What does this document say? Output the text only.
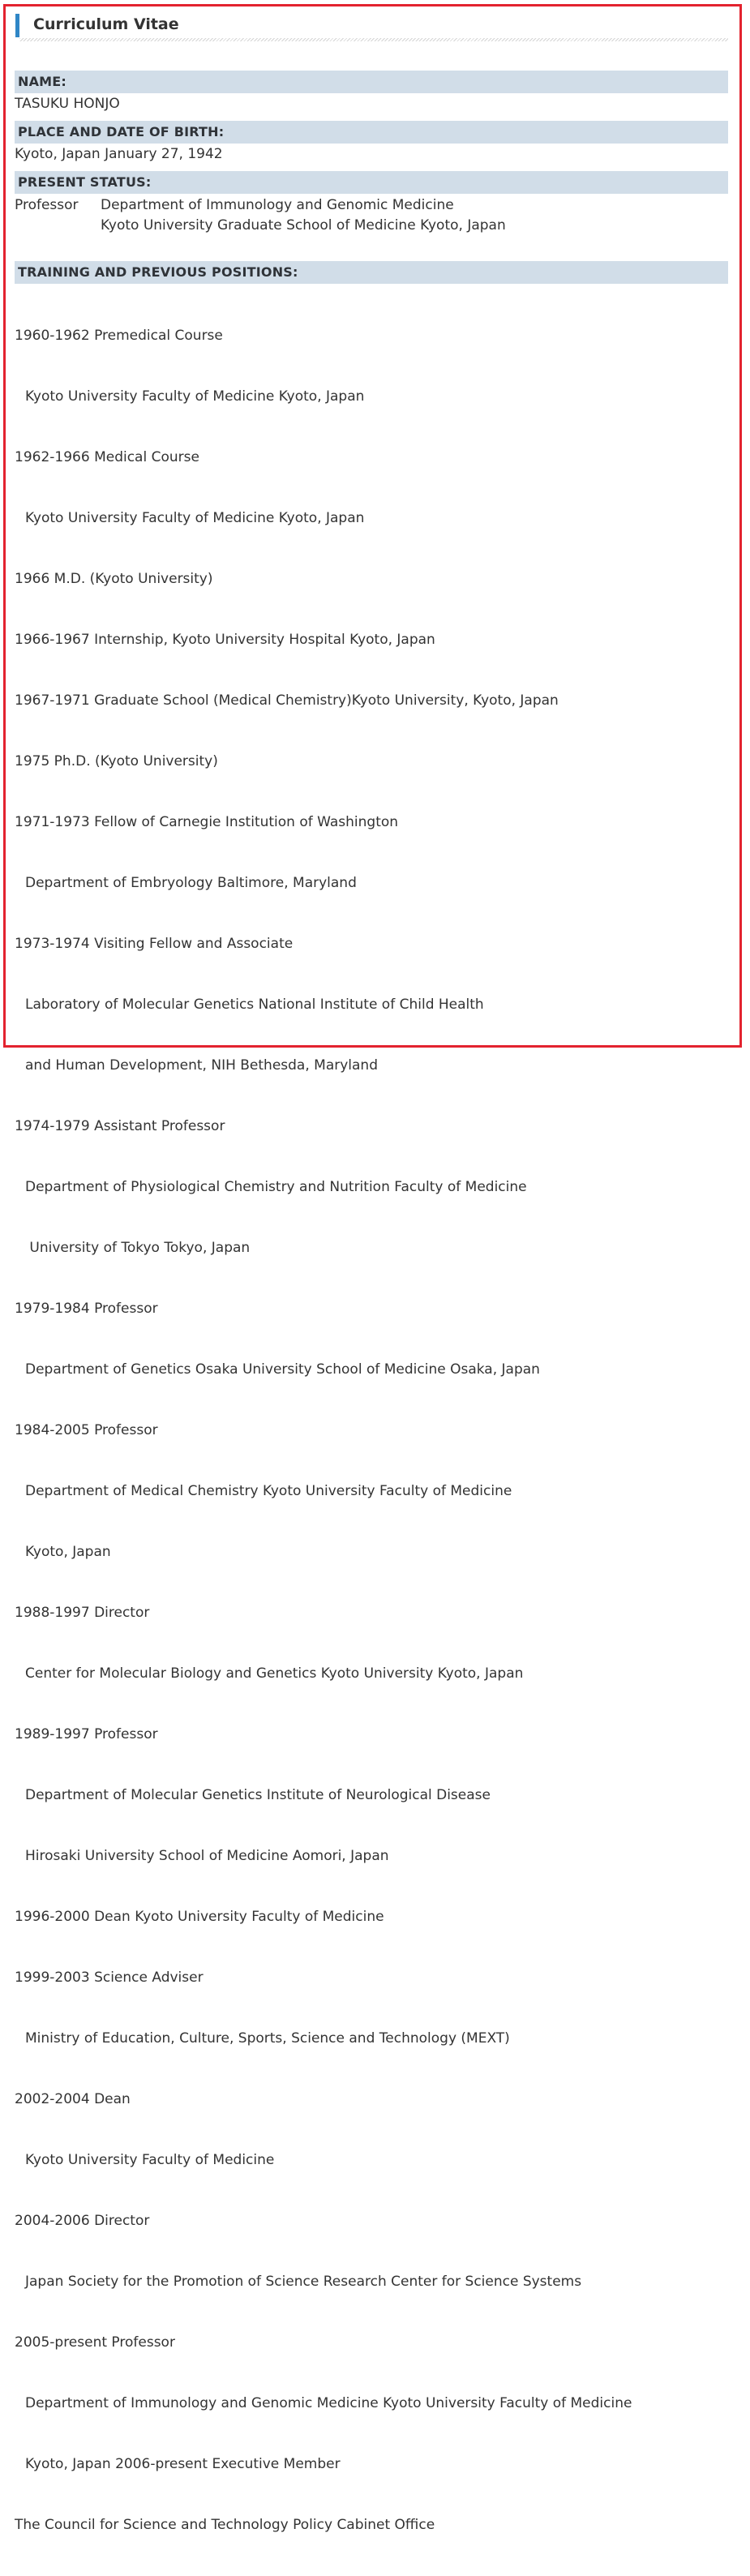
Curriculum Vitae
NAME:
TASUKU HONJO
PLACE AND DATE OF BIRTH:
Kyoto, Japan January 27, 1942
PRESENT STATUS:
Professor	Department of Immunology and Genomic Medicine
Kyoto University Graduate School of Medicine Kyoto, Japan
TRAINING AND PREVIOUS POSITIONS:

1960-1962 Premedical Course

Kyoto University Faculty of Medicine Kyoto, Japan

1962-1966 Medical Course

Kyoto University Faculty of Medicine Kyoto, Japan

1966 M.D. (Kyoto University)

1966-1967 Internship, Kyoto University Hospital Kyoto, Japan

1967-1971 Graduate School (Medical Chemistry)Kyoto University, Kyoto, Japan

1975 Ph.D. (Kyoto University)

1971-1973 Fellow of Carnegie Institution of Washington

Department of Embryology Baltimore, Maryland

1973-1974 Visiting Fellow and Associate

Laboratory of Molecular Genetics National Institute of Child Health

and Human Development, NIH Bethesda, Maryland

1974-1979 Assistant Professor

Department of Physiological Chemistry and Nutrition Faculty of Medicine

University of Tokyo Tokyo, Japan

1979-1984 Professor

Department of Genetics Osaka University School of Medicine Osaka, Japan

1984-2005 Professor

Department of Medical Chemistry Kyoto University Faculty of Medicine

Kyoto, Japan

1988-1997 Director

Center for Molecular Biology and Genetics Kyoto University Kyoto, Japan

1989-1997 Professor

Department of Molecular Genetics Institute of Neurological Disease

Hirosaki University School of Medicine Aomori, Japan

1996-2000 Dean Kyoto University Faculty of Medicine

1999-2003 Science Adviser

Ministry of Education, Culture, Sports, Science and Technology (MEXT)

2002-2004 Dean

Kyoto University Faculty of Medicine

2004-2006 Director

Japan Society for the Promotion of Science Research Center for Science Systems

2005-present Professor

Department of Immunology and Genomic Medicine Kyoto University Faculty of Medicine

Kyoto, Japan 2006-present Executive Member

The Council for Science and Technology Policy Cabinet Office
